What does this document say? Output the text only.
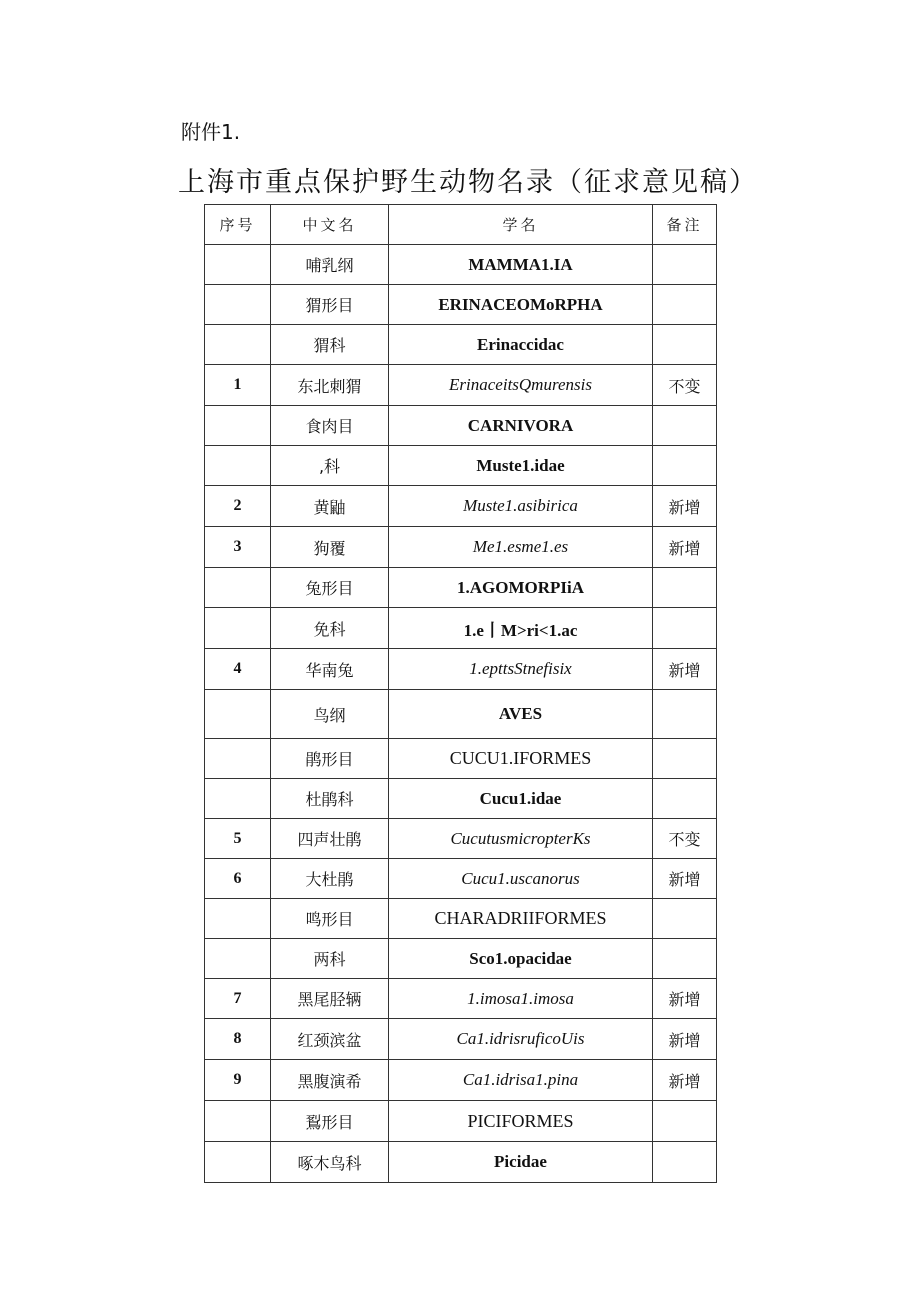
附件1.
上海市重点保护野生动物名录（征求意见稿）
序号	中文名	学名	备注
	哺乳纲	MAMMA1.IA	
	猬形目	ERINACEOMoRPHA	
	猬科	Erinaccidac	
1	东北刺猬	ErinaceitsQmurensis	不变
	食肉目	CARNIVORA	
	,科	Muste1.idae	
2	黄鼬	Muste1.asibirica	新增
3	狗覆	Me1.esme1.es	新增
	兔形目	1.AGOMORPIiA	
	免科	1.e丨M>ri<1.ac	
4	华南兔	1.epttsStnefisix	新增
	鸟纲	AVES	
	鹃形目	CUCU1.IFORMES	
	杜鹃科	Cucu1.idae	
5	四声壮鹃	CucutusmicropterKs	不变
6	大杜鹃	Cucu1.uscanorus	新增
	鸣形目	CHARADRIIFORMES	
	两科	Sco1.opacidae	
7	黑尾胫辆	1.imosa1.imosa	新增
8	红颈滨盆	Ca1.idrisruficoUis	新增
9	黑腹演希	Ca1.idrisa1.pina	新增
	鴷形目	PICIFORMES	
	啄木鸟科	Picidae	
